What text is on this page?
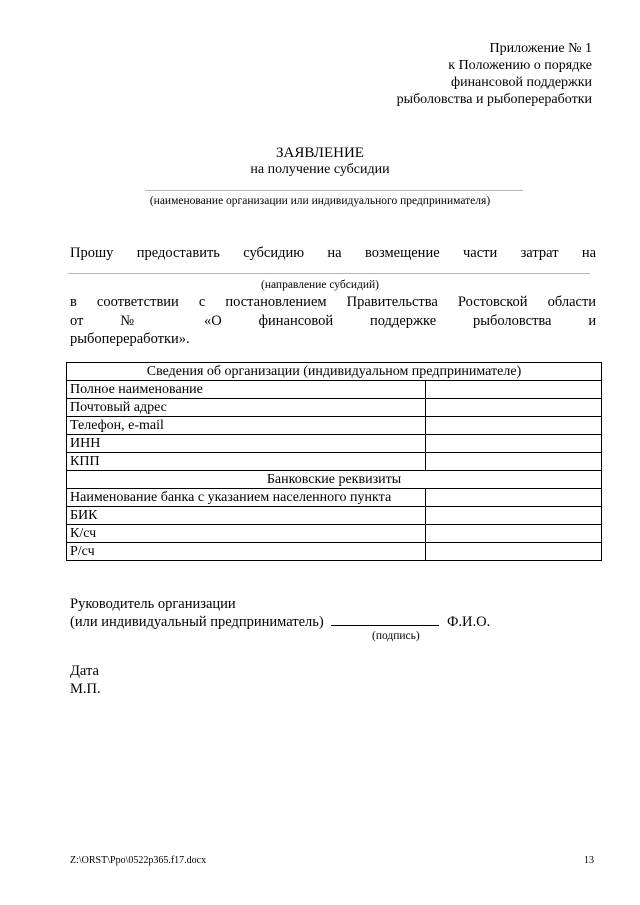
Приложение № 1
к Положению о порядке
финансовой поддержки
рыболовства и рыбопереработки
ЗАЯВЛЕНИЕ
на получение субсидии
(наименование организации или индивидуального предпринимателя)
Прошу предоставить субсидию на возмещение части затрат на
(направление субсидий)
в соответствии с постановлением Правительства Ростовской области
от	№	«О	финансовой	поддержке	рыболовства	и
рыбопереработки».
Сведения об организации (индивидуальном предпринимателе)	
Полное наименование	
Почтовый адрес	
Телефон, e-mail	
ИНН	
КПП	
Банковские реквизиты	
Наименование банка с указанием населенного пункта	
БИК	
К/сч	
Р/сч	
Руководитель организации
(или индивидуальный предприниматель)	Ф.И.О.
(подпись)
Дата
М.П.
Z:\ORST\Ppo\0522p365.f17.docx	13
